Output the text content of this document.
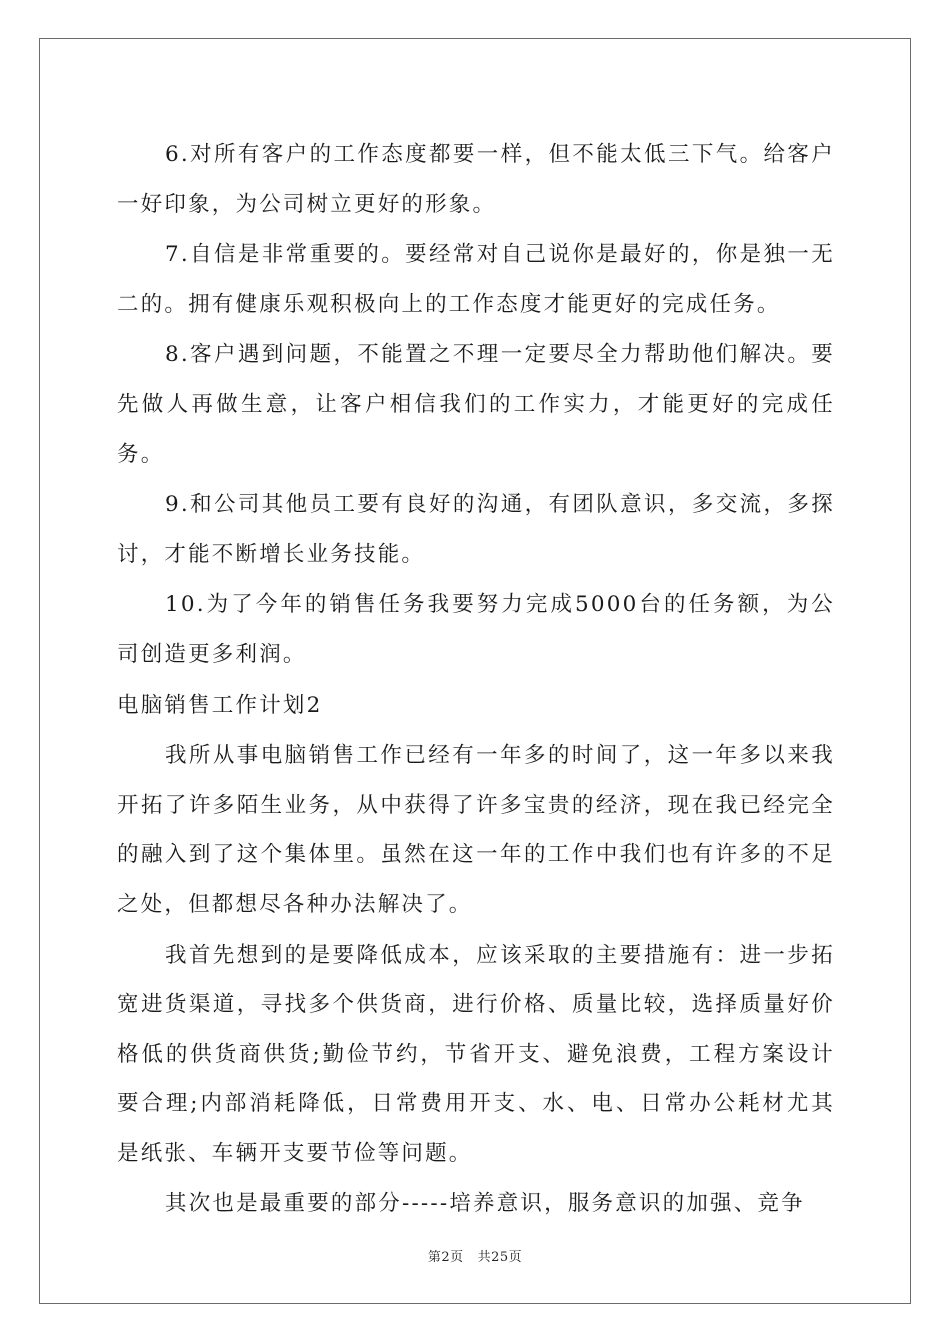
6.对所有客户的工作态度都要一样，但不能太低三下气。给客户一好印象，为公司树立更好的形象。

7.自信是非常重要的。要经常对自己说你是最好的，你是独一无二的。拥有健康乐观积极向上的工作态度才能更好的完成任务。

8.客户遇到问题，不能置之不理一定要尽全力帮助他们解决。要先做人再做生意，让客户相信我们的工作实力，才能更好的完成任务。

9.和公司其他员工要有良好的沟通，有团队意识，多交流，多探讨，才能不断增长业务技能。

10.为了今年的销售任务我要努力完成5000台的任务额，为公司创造更多利润。

电脑销售工作计划2

我所从事电脑销售工作已经有一年多的时间了，这一年多以来我开拓了许多陌生业务，从中获得了许多宝贵的经济，现在我已经完全的融入到了这个集体里。虽然在这一年的工作中我们也有许多的不足之处，但都想尽各种办法解决了。

我首先想到的是要降低成本，应该采取的主要措施有：进一步拓宽进货渠道，寻找多个供货商，进行价格、质量比较，选择质量好价格低的供货商供货;勤俭节约，节省开支、避免浪费，工程方案设计要合理;内部消耗降低，日常费用开支、水、电、日常办公耗材尤其是纸张、车辆开支要节俭等问题。

其次也是最重要的部分-----培养意识，服务意识的加强、竞争

第2页 共25页
